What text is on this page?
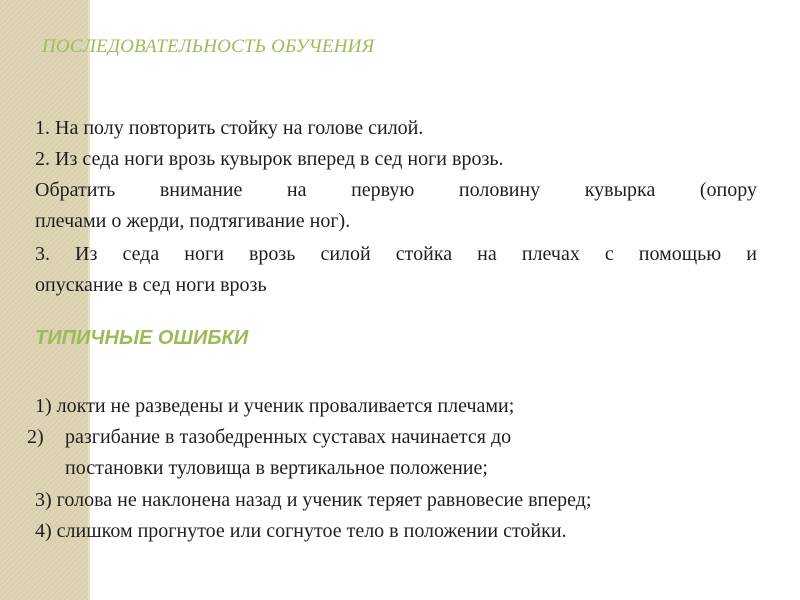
ПОСЛЕДОВАТЕЛЬНОСТЬ ОБУЧЕНИЯ
1. На полу повторить стойку на голове силой.
2. Из седа ноги врозь кувырок вперед в сед ноги врозь.
Обратить внимание на первую половину кувырка (опору
плечами о жерди, подтягивание ног).
3. Из седа ноги врозь силой стойка на плечах с помощью и
опускание в сед ноги врозь
ТИПИЧНЫЕ ОШИБКИ
1) локти не разведены и ученик проваливается плечами;
2) разгибание в тазобедренных суставах начинается до
постановки туловища в вертикальное положение;
3) голова не наклонена назад и ученик теряет равновесие вперед;
4) слишком прогнутое или согнутое тело в положении стойки.
